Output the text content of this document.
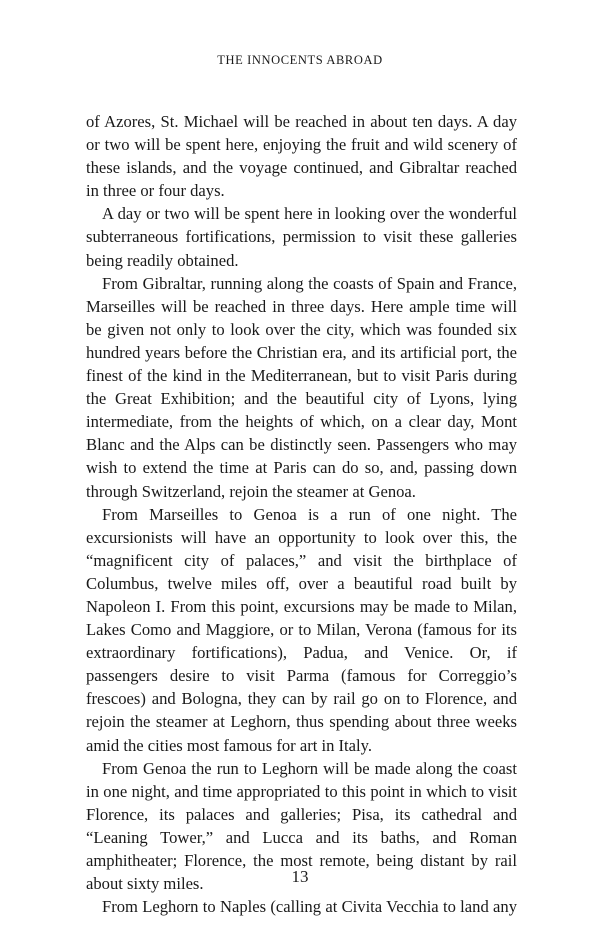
THE INNOCENTS ABROAD

of Azores, St. Michael will be reached in about ten days. A day or two will be spent here, enjoying the fruit and wild scenery of these islands, and the voyage continued, and Gibraltar reached in three or four days.

A day or two will be spent here in looking over the wonderful subterraneous fortifications, permission to visit these galleries being readily obtained.

From Gibraltar, running along the coasts of Spain and France, Marseilles will be reached in three days. Here ample time will be given not only to look over the city, which was founded six hundred years before the Christian era, and its artificial port, the finest of the kind in the Mediterranean, but to visit Paris during the Great Exhibition; and the beautiful city of Lyons, lying intermediate, from the heights of which, on a clear day, Mont Blanc and the Alps can be distinctly seen. Passengers who may wish to extend the time at Paris can do so, and, passing down through Switzerland, rejoin the steamer at Genoa.

From Marseilles to Genoa is a run of one night. The excursionists will have an opportunity to look over this, the “magnificent city of palaces,” and visit the birthplace of Columbus, twelve miles off, over a beautiful road built by Napoleon I. From this point, excursions may be made to Milan, Lakes Como and Maggiore, or to Milan, Verona (famous for its extraordinary fortifications), Padua, and Venice. Or, if passengers desire to visit Parma (famous for Correggio’s frescoes) and Bologna, they can by rail go on to Florence, and rejoin the steamer at Leghorn, thus spending about three weeks amid the cities most famous for art in Italy.

From Genoa the run to Leghorn will be made along the coast in one night, and time appropriated to this point in which to visit Florence, its palaces and galleries; Pisa, its cathedral and “Leaning Tower,” and Lucca and its baths, and Roman amphitheater; Florence, the most remote, being distant by rail about sixty miles.

From Leghorn to Naples (calling at Civita Vecchia to land any

13
